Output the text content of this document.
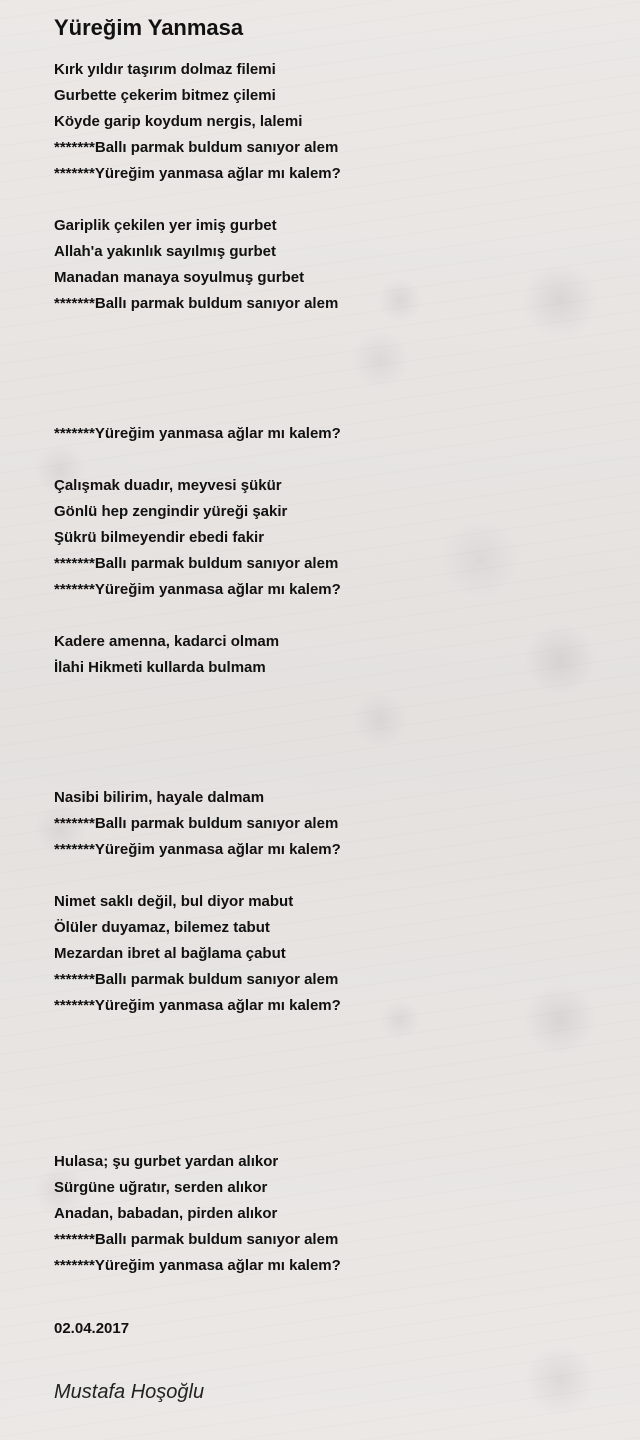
Yüreğim Yanmasa
Kırk yıldır taşırım dolmaz filemi
Gurbette çekerim bitmez çilemi
Köyde garip koydum nergis, lalemi
*******Ballı parmak buldum sanıyor alem
*******Yüreğim yanmasa ağlar mı kalem?
Gariplik çekilen yer imiş gurbet
Allah'a yakınlık sayılmış gurbet
Manadan manaya soyulmuş gurbet
*******Ballı parmak buldum sanıyor alem
*******Yüreğim yanmasa ağlar mı kalem?
Çalışmak duadır, meyvesi şükür
Gönlü hep zengindir yüreği şakir
Şükrü bilmeyendir ebedi fakir
*******Ballı parmak buldum sanıyor alem
*******Yüreğim yanmasa ağlar mı kalem?
Kadere amenna, kadarci olmam
İlahi Hikmeti kullarda bulmam
Nasibi bilirim, hayale dalmam
*******Ballı parmak buldum sanıyor alem
*******Yüreğim yanmasa ağlar mı kalem?
Nimet saklı değil, bul diyor mabut
Ölüler duyamaz, bilemez tabut
Mezardan ibret al bağlama çabut
*******Ballı parmak buldum sanıyor alem
*******Yüreğim yanmasa ağlar mı kalem?
Hulasa; şu gurbet yardan alıkor
Sürgüne uğratır, serden alıkor
Anadan, babadan, pirden alıkor
*******Ballı parmak buldum sanıyor alem
*******Yüreğim yanmasa ağlar mı kalem?
02.04.2017
Mustafa Hoşoğlu
